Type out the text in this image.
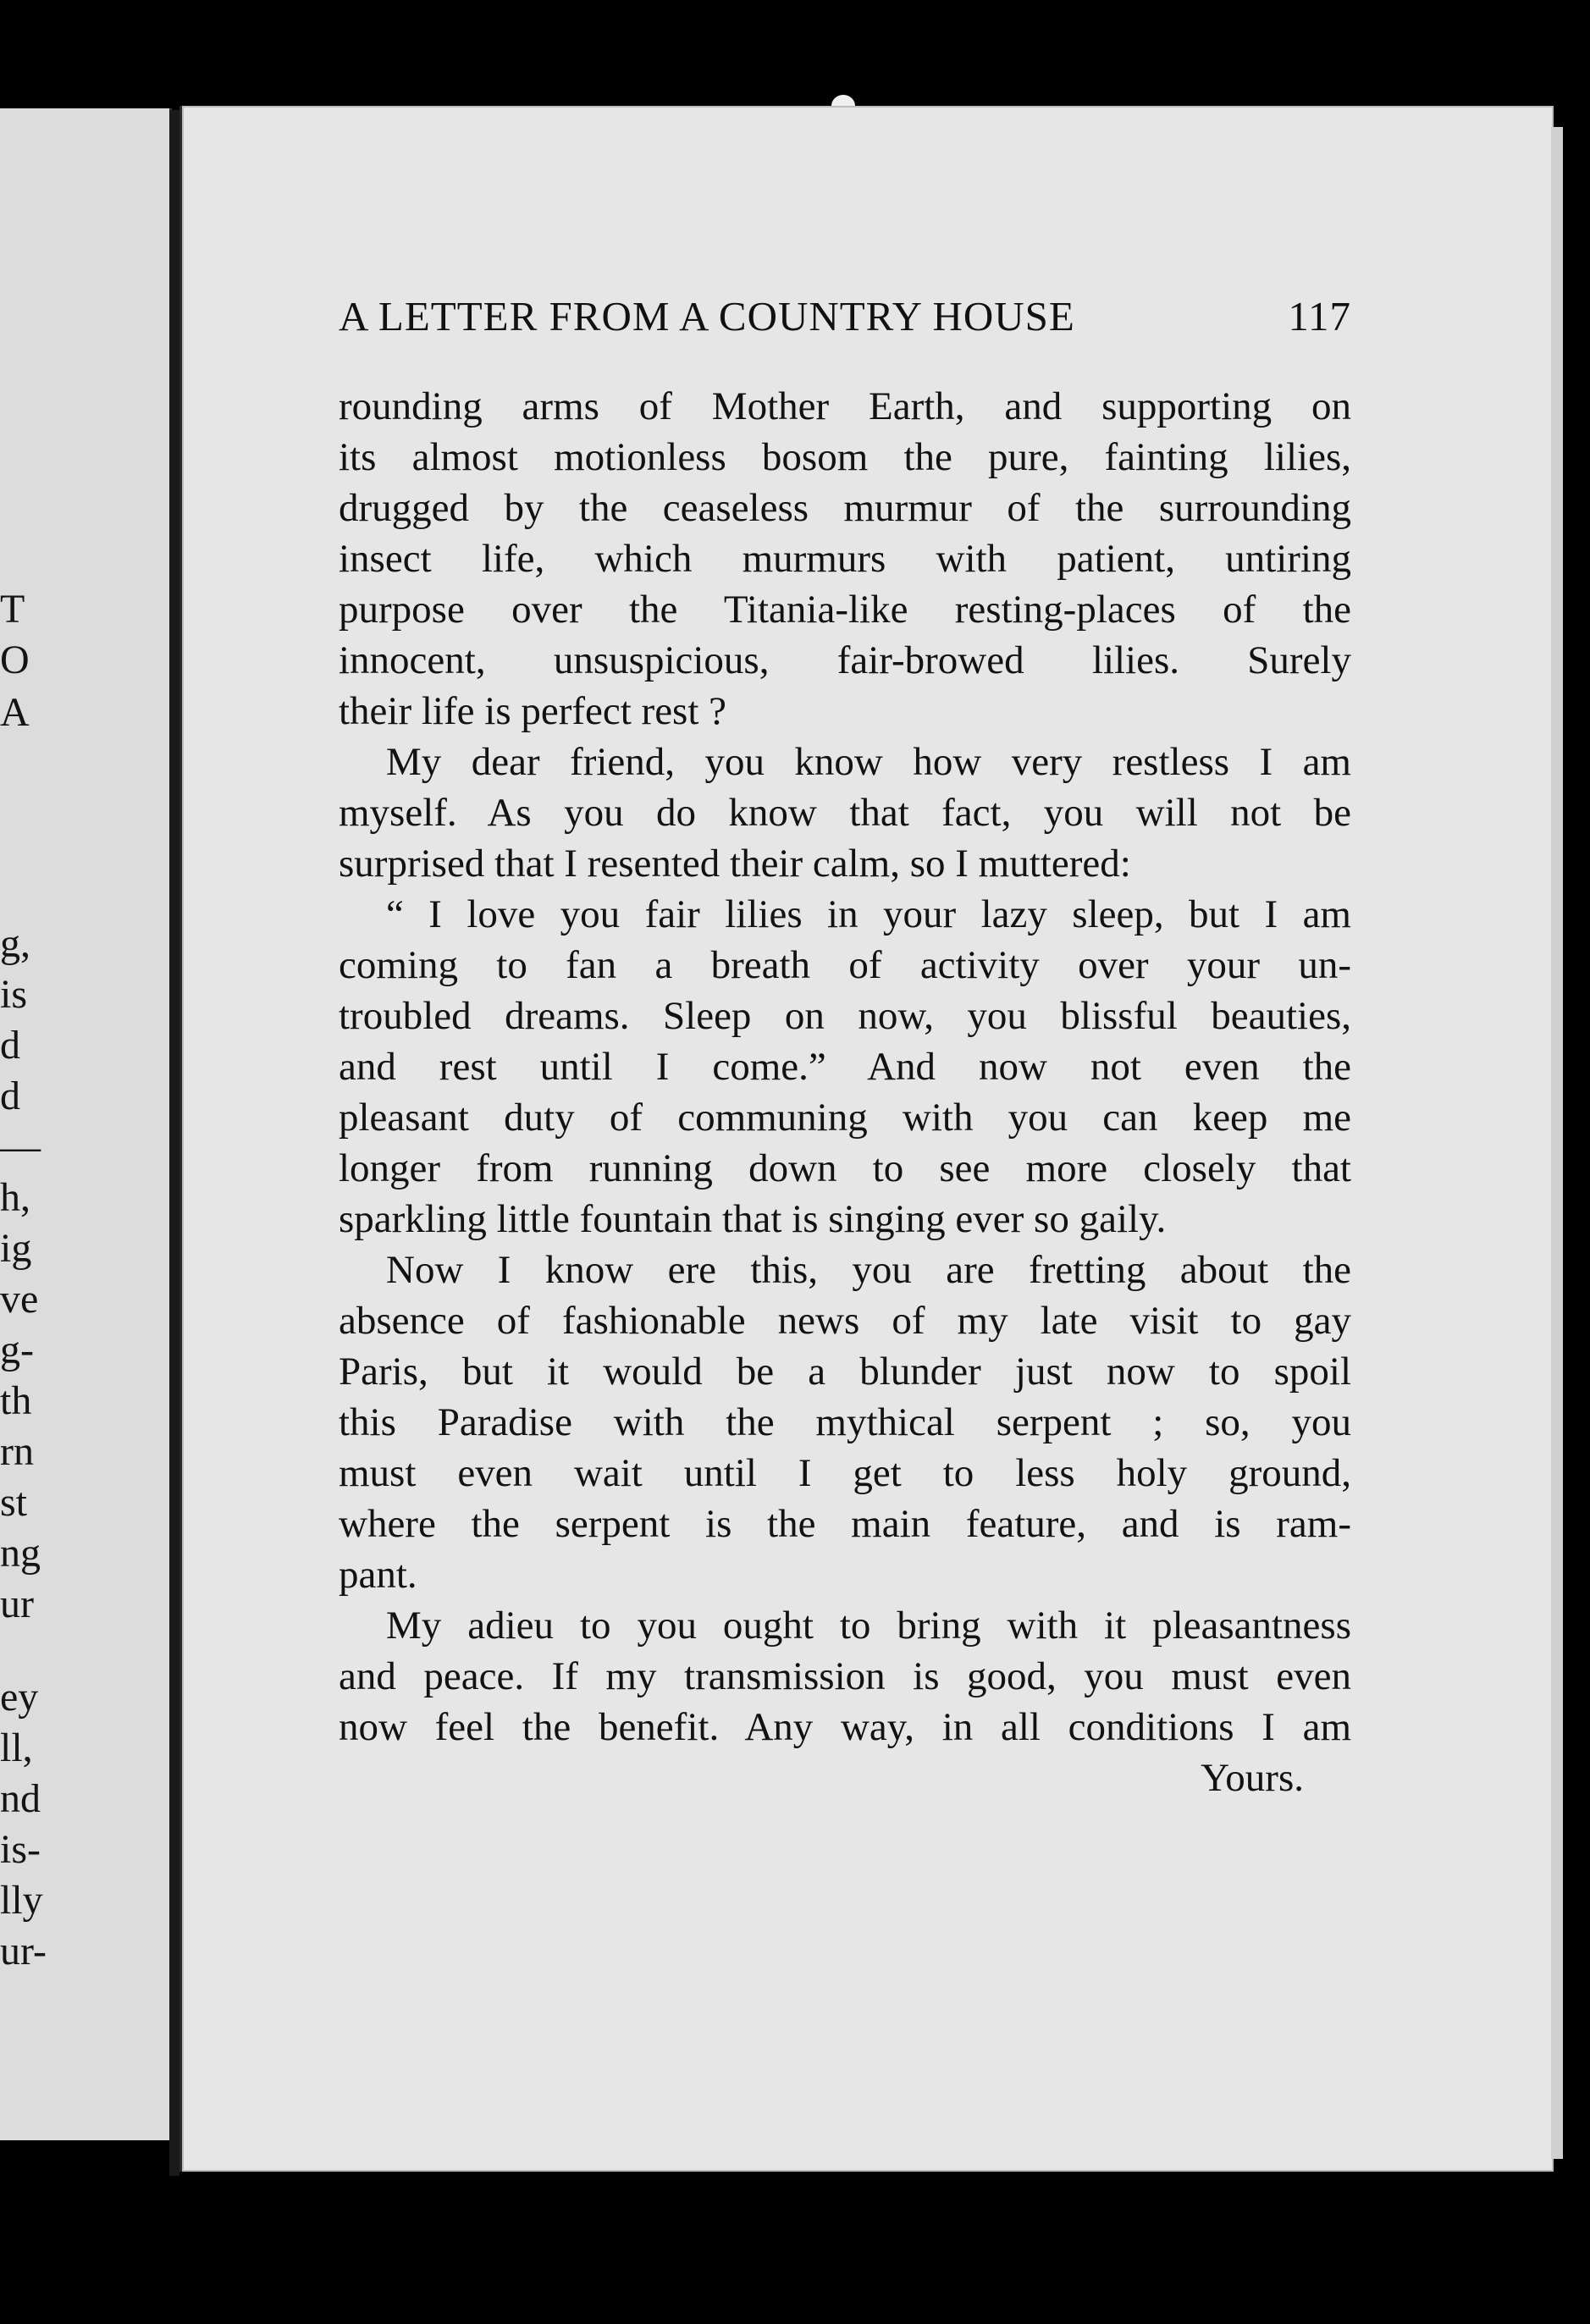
T
O
A
g,
is
d
d
—
h,
ig
ve
g-
th
rn
st
ng
ur
ey
ll,
nd
is-
lly
ur-
A LETTER FROM A COUNTRY HOUSE	117
rounding arms of Mother Earth, and supporting on
its almost motionless bosom the pure, fainting lilies,
drugged by the ceaseless murmur of the surrounding
insect life, which murmurs with patient, untiring
purpose over the Titania-like resting-places of the
innocent, unsuspicious, fair-browed lilies. Surely
their life is perfect rest ?
My dear friend, you know how very restless I am
myself. As you do know that fact, you will not be
surprised that I resented their calm, so I muttered:
“ I love you fair lilies in your lazy sleep, but I am
coming to fan a breath of activity over your un-
troubled dreams. Sleep on now, you blissful beauties,
and rest until I come.” And now not even the
pleasant duty of communing with you can keep me
longer from running down to see more closely that
sparkling little fountain that is singing ever so gaily.
Now I know ere this, you are fretting about the
absence of fashionable news of my late visit to gay
Paris, but it would be a blunder just now to spoil
this Paradise with the mythical serpent ; so, you
must even wait until I get to less holy ground,
where the serpent is the main feature, and is ram-
pant.
My adieu to you ought to bring with it pleasantness
and peace. If my transmission is good, you must even
now feel the benefit. Any way, in all conditions I am
Yours.
